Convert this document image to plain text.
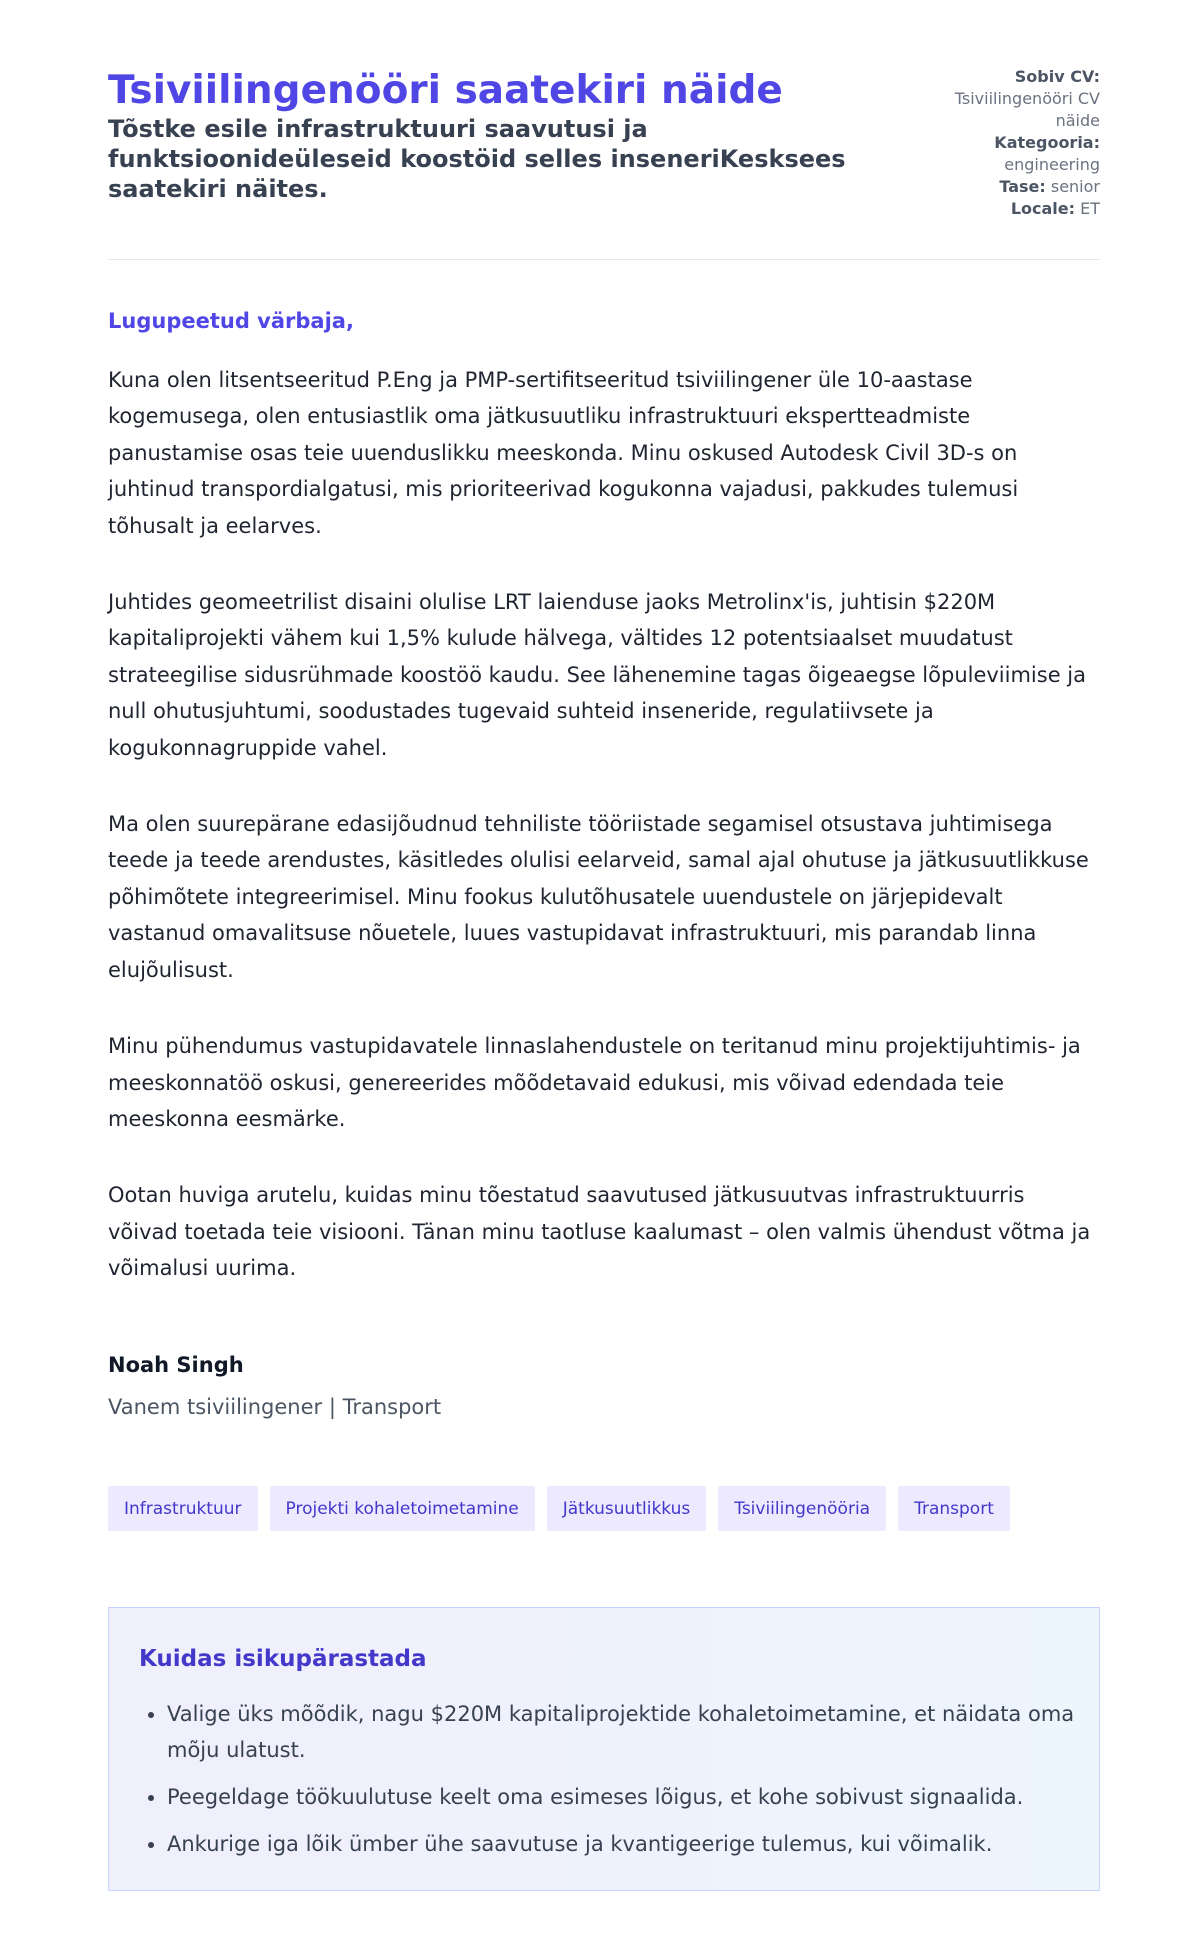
Tsiviilingenööri saatekiri näide

Tõstke esile infrastruktuuri saavutusi ja funktsioonideüleseid koostöid selles inseneriKesksees saatekiri näites.

Sobiv CV:
Tsiviilingenööri CV näide
Kategooria:
engineering
Tase: senior
Locale: ET

Lugupeetud värbaja,

Kuna olen litsentseeritud P.Eng ja PMP-sertifitseeritud tsiviilingener üle 10-aastase kogemusega, olen entusiastlik oma jätkusuutliku infrastruktuuri ekspertteadmiste panustamise osas teie uuenduslikku meeskonda. Minu oskused Autodesk Civil 3D-s on juhtinud transpordialgatusi, mis prioriteerivad kogukonna vajadusi, pakkudes tulemusi tõhusalt ja eelarves.

Juhtides geomeetrilist disaini olulise LRT laienduse jaoks Metrolinx'is, juhtisin $220M kapitaliprojekti vähem kui 1,5% kulude hälvega, vältides 12 potentsiaalset muudatust strateegilise sidusrühmade koostöö kaudu. See lähenemine tagas õigeaegse lõpuleviimise ja null ohutusjuhtumi, soodustades tugevaid suhteid inseneride, regulatiivsete ja kogukonnagruppide vahel.

Ma olen suurepärane edasijõudnud tehniliste tööriistade segamisel otsustava juhtimisega teede ja teede arendustes, käsitledes olulisi eelarveid, samal ajal ohutuse ja jätkusuutlikkuse põhimõtete integreerimisel. Minu fookus kulutõhusatele uuendustele on järjepidevalt vastanud omavalitsuse nõuetele, luues vastupidavat infrastruktuuri, mis parandab linna elujõulisust.

Minu pühendumus vastupidavatele linnaslahendustele on teritanud minu projektijuhtimis- ja meeskonnatöö oskusi, genereerides mõõdetavaid edukusi, mis võivad edendada teie meeskonna eesmärke.

Ootan huviga arutelu, kuidas minu tõestatud saavutused jätkusuutvas infrastruktuurris võivad toetada teie visiooni. Tänan minu taotluse kaalumast – olen valmis ühendust võtma ja võimalusi uurima.

Noah Singh

Vanem tsiviilingener | Transport

Infrastruktuur	Projekti kohaletoimetamine	Jätkusuutlikkus	Tsiviilingenööria	Transport
Kuidas isikupärastada
• Valige üks mõõdik, nagu $220M kapitaliprojektide kohaletoimetamine, et näidata oma mõju ulatust.
• Peegeldage töökuulutuse keelt oma esimeses lõigus, et kohe sobivust signaalida.
• Ankurige iga lõik ümber ühe saavutuse ja kvantigeerige tulemus, kui võimalik.
